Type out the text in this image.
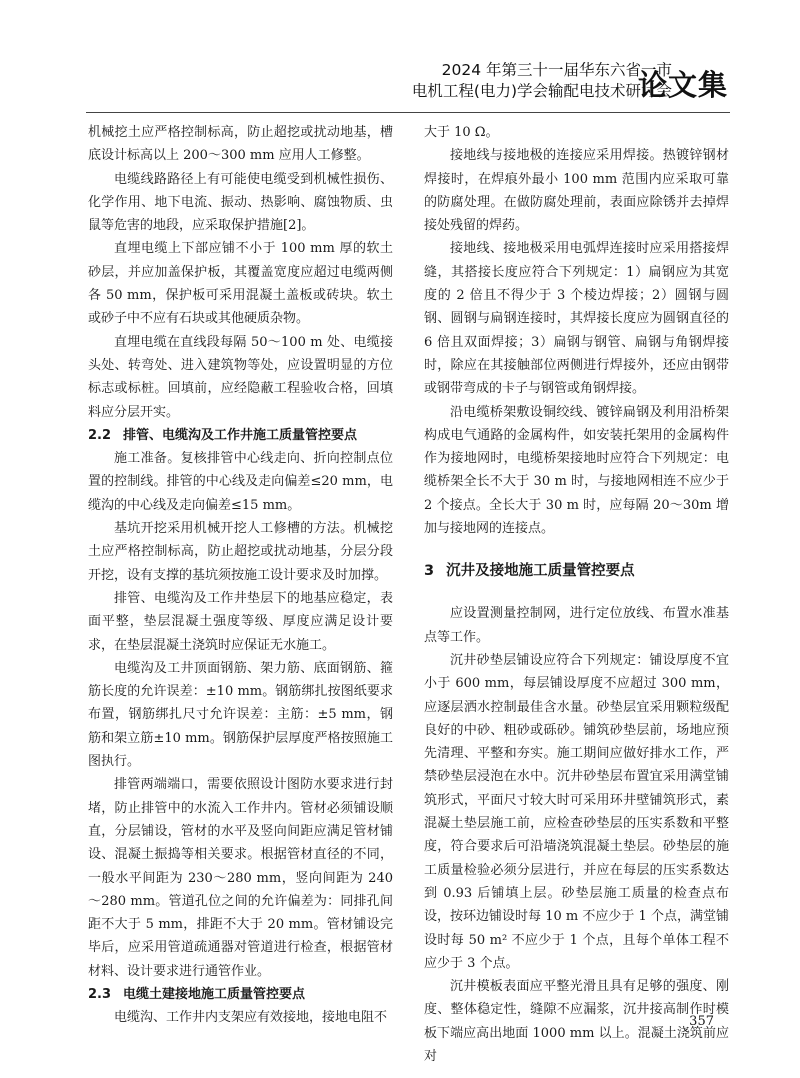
2024 年第三十一届华东六省一市
电机工程(电力)学会输配电技术研讨会
论文集

机械挖土应严格控制标高，防止超挖或扰动地基，槽底设计标高以上 200～300 mm 应用人工修整。

电缆线路路径上有可能使电缆受到机械性损伤、化学作用、地下电流、振动、热影响、腐蚀物质、虫鼠等危害的地段，应采取保护措施[2]。

直埋电缆上下部应铺不小于 100 mm 厚的软土砂层，并应加盖保护板，其覆盖宽度应超过电缆两侧各 50 mm，保护板可采用混凝土盖板或砖块。软土或砂子中不应有石块或其他硬质杂物。

直埋电缆在直线段每隔 50～100 m 处、电缆接头处、转弯处、进入建筑物等处，应设置明显的方位标志或标桩。回填前，应经隐蔽工程验收合格，回填料应分层开实。

2.2 排管、电缆沟及工作井施工质量管控要点

施工准备。复核排管中心线走向、折向控制点位置的控制线。排管的中心线及走向偏差≤20 mm，电缆沟的中心线及走向偏差≤15 mm。

基坑开挖采用机械开挖人工修槽的方法。机械挖土应严格控制标高，防止超挖或扰动地基，分层分段开挖，设有支撑的基坑须按施工设计要求及时加撑。

排管、电缆沟及工作井垫层下的地基应稳定，表面平整，垫层混凝土强度等级、厚度应满足设计要求，在垫层混凝土浇筑时应保证无水施工。

电缆沟及工井顶面钢筋、架力筋、底面钢筋、箍筋长度的允许误差：±10 mm。钢筋绑扎按图纸要求布置，钢筋绑扎尺寸允许误差：主筋：±5 mm，钢筋和架立筋±10 mm。钢筋保护层厚度严格按照施工图执行。

排管两端端口，需要依照设计图防水要求进行封堵，防止排管中的水流入工作井内。管材必须铺设顺直，分层铺设，管材的水平及竖向间距应满足管材铺设、混凝土振捣等相关要求。根据管材直径的不同，一般水平间距为 230～280 mm，竖向间距为 240～280 mm。管道孔位之间的允许偏差为：同排孔间距不大于 5 mm，排距不大于 20 mm。管材铺设完毕后，应采用管道疏通器对管道进行检查，根据管材材料、设计要求进行通管作业。

2.3 电缆土建接地施工质量管控要点

电缆沟、工作井内支架应有效接地，接地电阻不

大于 10 Ω。

接地线与接地极的连接应采用焊接。热镀锌钢材焊接时，在焊痕外最小 100 mm 范围内应采取可靠的防腐处理。在做防腐处理前，表面应除锈并去掉焊接处残留的焊药。

接地线、接地极采用电弧焊连接时应采用搭接焊缝，其搭接长度应符合下列规定：1）扁钢应为其宽度的 2 倍且不得少于 3 个棱边焊接；2）圆钢与圆钢、圆钢与扁钢连接时，其焊接长度应为圆钢直径的 6 倍且双面焊接；3）扁钢与钢管、扁钢与角钢焊接时，除应在其接触部位两侧进行焊接外，还应由钢带或钢带弯成的卡子与钢管或角钢焊接。

沿电缆桥架敷设铜绞线、镀锌扁钢及利用沿桥架构成电气通路的金属构件，如安装托架用的金属构件作为接地网时，电缆桥架接地时应符合下列规定：电缆桥架全长不大于 30 m 时，与接地网相连不应少于 2 个接点。全长大于 30 m 时，应每隔 20～30m 增加与接地网的连接点。

3 沉井及接地施工质量管控要点

应设置测量控制网，进行定位放线、布置水准基点等工作。

沉井砂垫层铺设应符合下列规定：铺设厚度不宜小于 600 mm，每层铺设厚度不应超过 300 mm，应逐层洒水控制最佳含水量。砂垫层宜采用颗粒级配良好的中砂、粗砂或砾砂。铺筑砂垫层前，场地应预先清理、平整和夯实。施工期间应做好排水工作，严禁砂垫层浸泡在水中。沉井砂垫层布置宜采用满堂铺筑形式，平面尺寸较大时可采用环井壁铺筑形式，素混凝土垫层施工前，应检查砂垫层的压实系数和平整度，符合要求后可沿墙浇筑混凝土垫层。砂垫层的施工质量检验必须分层进行，并应在每层的压实系数达到 0.93 后铺填上层。砂垫层施工质量的检查点布设，按环边铺设时每 10 m 不应少于 1 个点，满堂铺设时每 50 m² 不应少于 1 个点，且每个单体工程不应少于 3 个点。

沉井模板表面应平整光滑且具有足够的强度、刚度、整体稳定性，缝隙不应漏浆，沉井接高制作时模板下端应高出地面 1000 mm 以上。混凝土浇筑前应对

357
